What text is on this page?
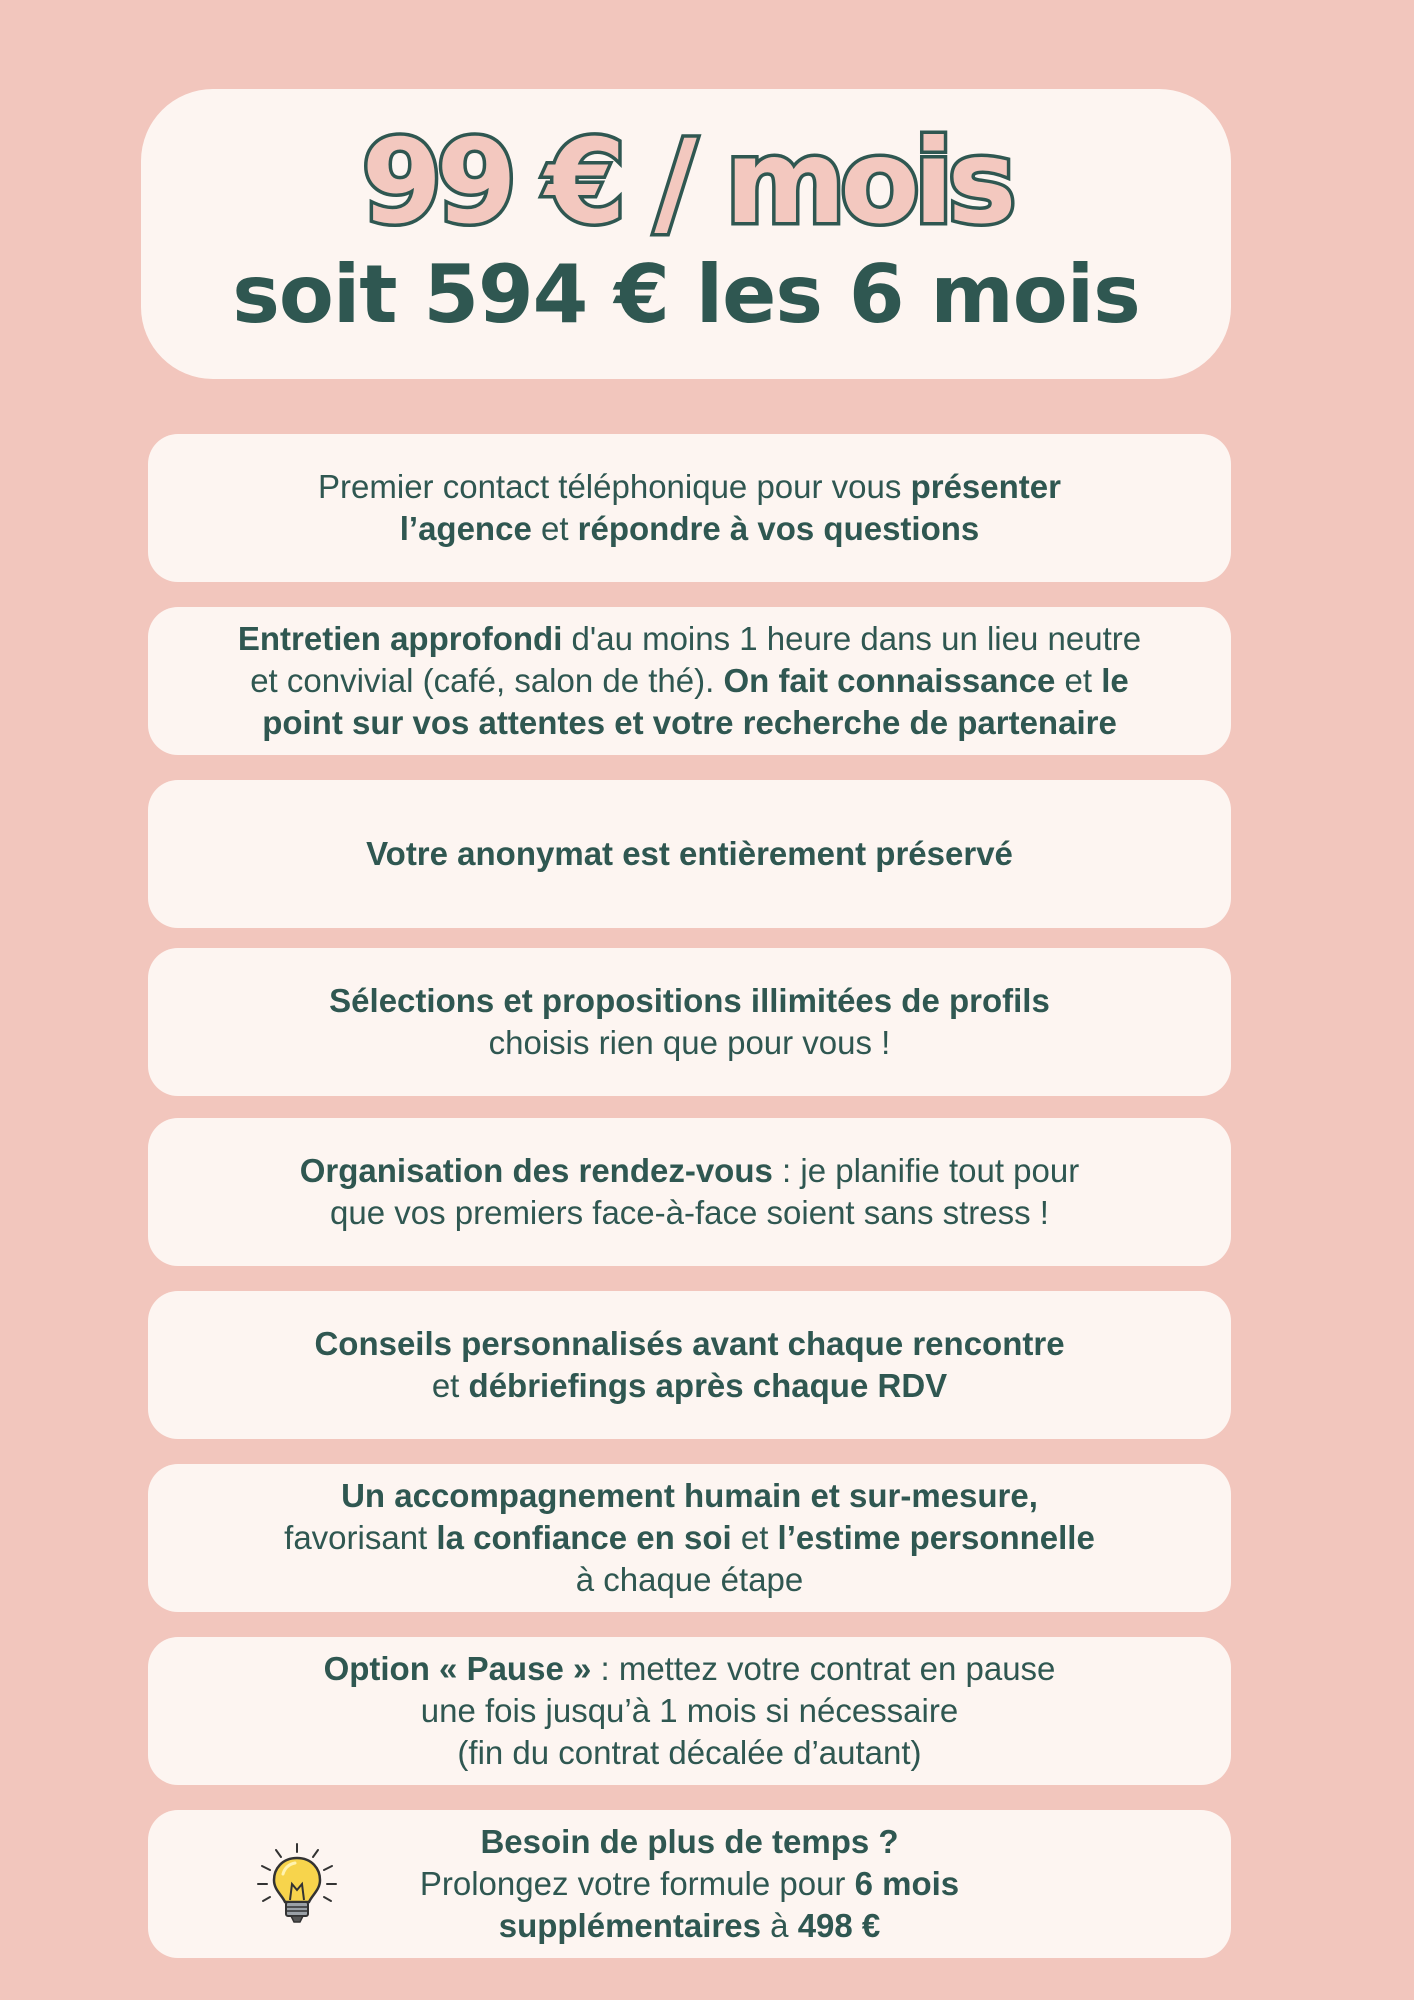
99 € / mois
soit 594 € les 6 mois
Premier contact téléphonique pour vous présenter
l’agence et répondre à vos questions
Entretien approfondi d'au moins 1 heure dans un lieu neutre
et convivial (café, salon de thé). On fait connaissance et le
point sur vos attentes et votre recherche de partenaire
Votre anonymat est entièrement préservé
Sélections et propositions illimitées de profils
choisis rien que pour vous !
Organisation des rendez-vous : je planifie tout pour
que vos premiers face-à-face soient sans stress !
Conseils personnalisés avant chaque rencontre
et débriefings après chaque RDV
Un accompagnement humain et sur-mesure,
favorisant la confiance en soi et l’estime personnelle
à chaque étape
Option « Pause » : mettez votre contrat en pause
une fois jusqu’à 1 mois si nécessaire
(fin du contrat décalée d’autant)
Besoin de plus de temps ?
Prolongez votre formule pour 6 mois
supplémentaires à 498 €
